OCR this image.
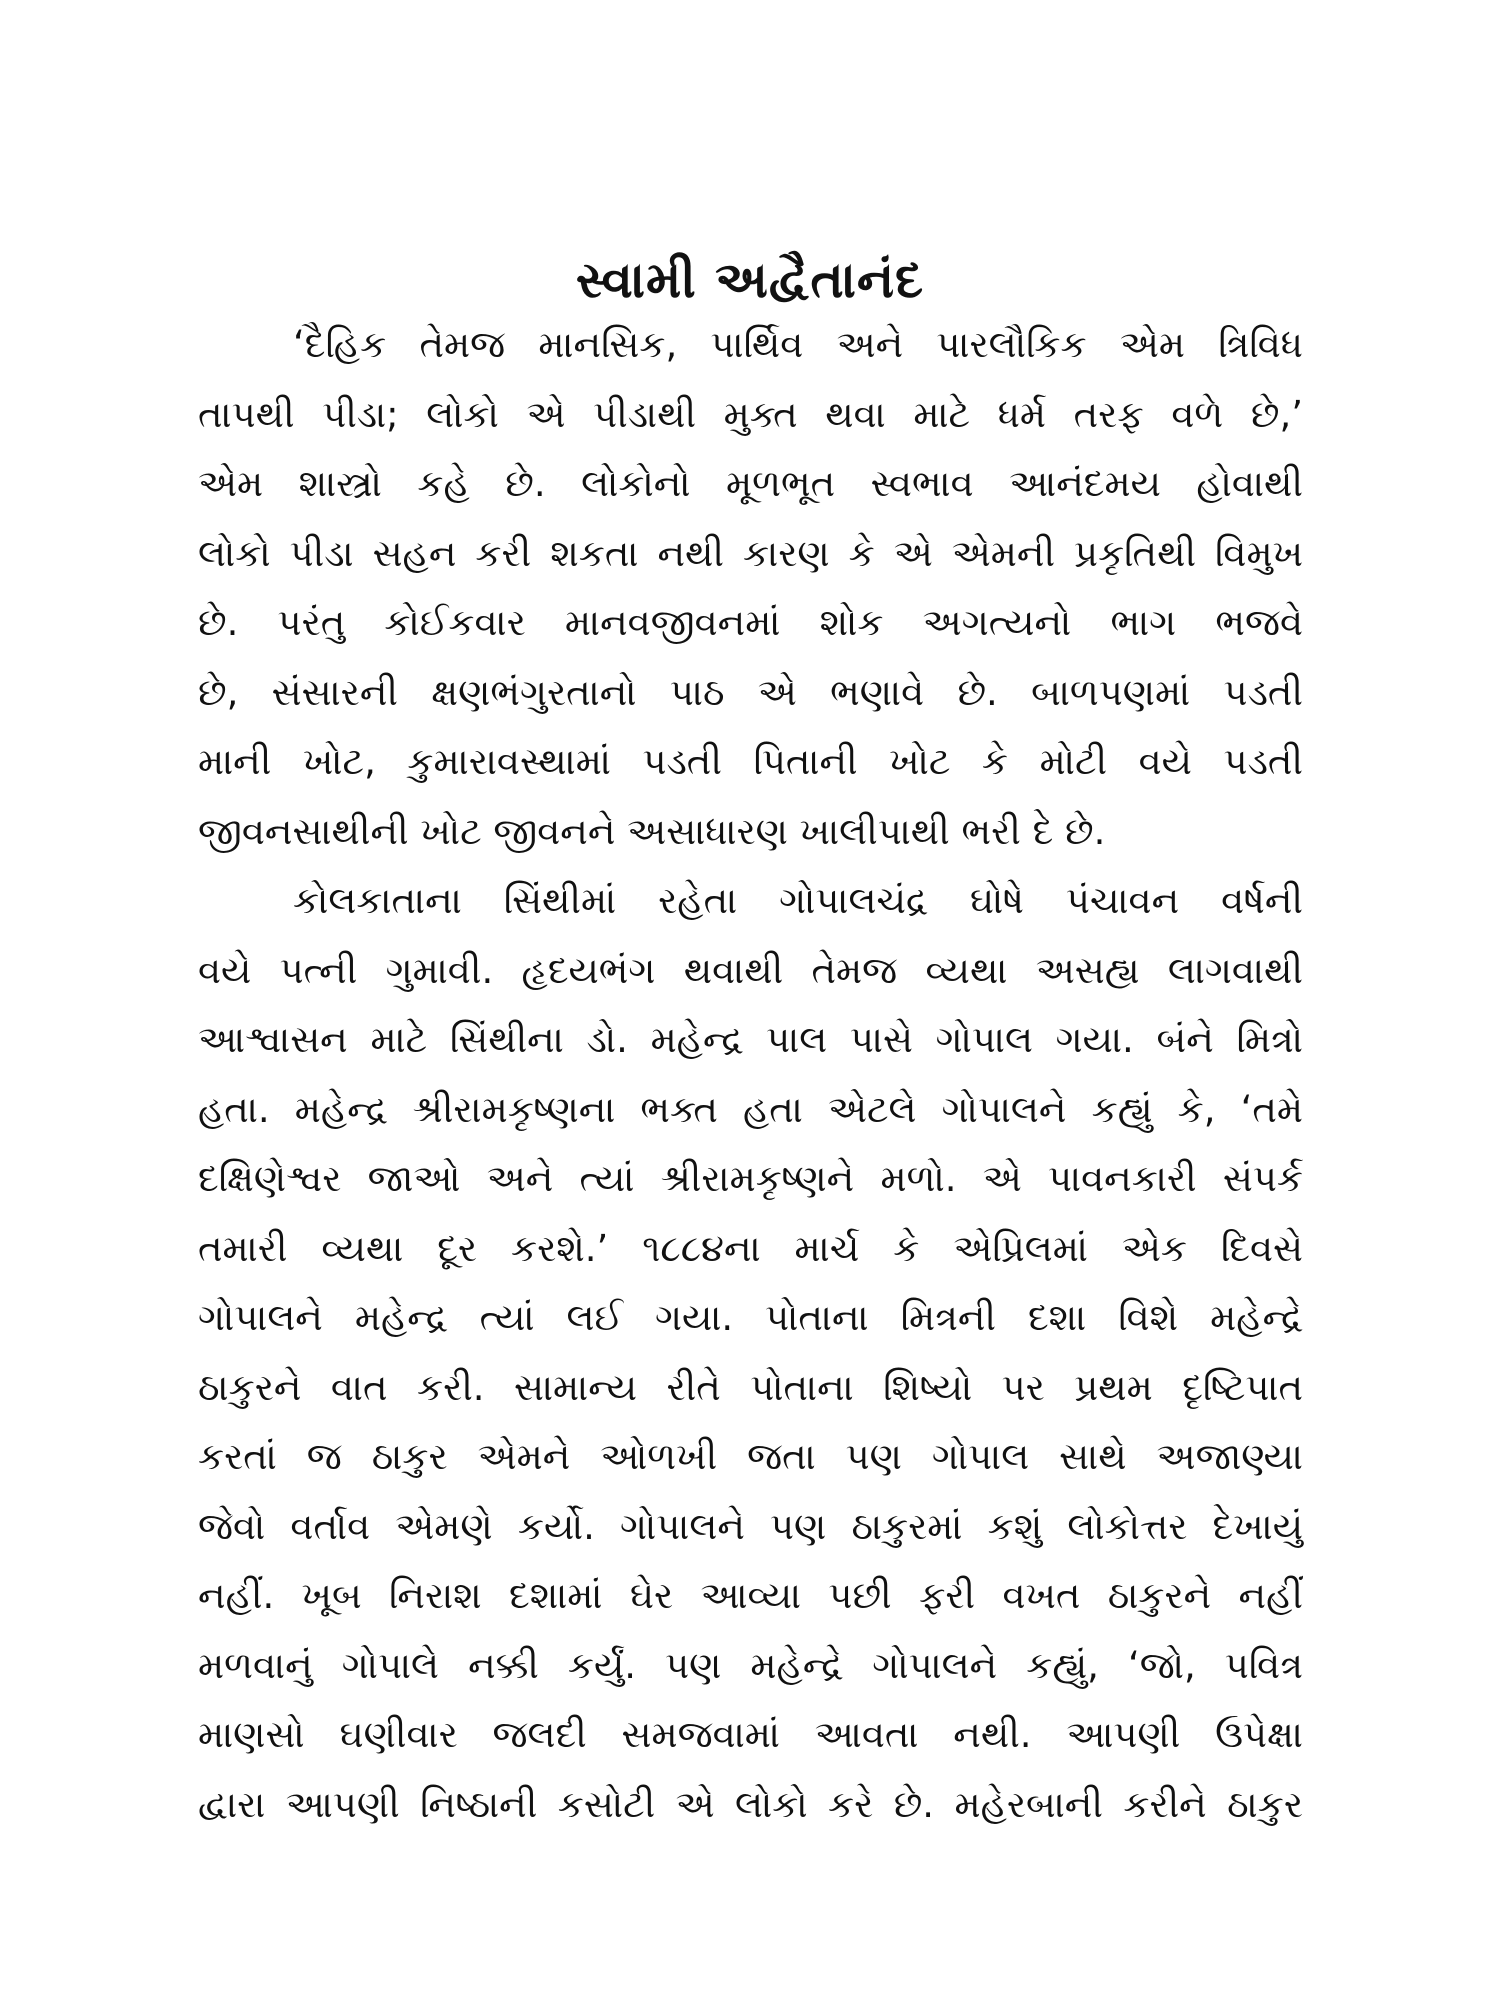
સ્વામી અદ્વૈતાનંદ
‘દૈહિક તેમજ માનસિક, પાર્થિવ અને પારલૌકિક એમ ત્રિવિધ
તાપથી પીડા; લોકો એ પીડાથી મુક્ત થવા માટે ધર્મ તરફ વળે છે,’
એમ શાસ્ત્રો કહે છે. લોકોનો મૂળભૂત સ્વભાવ આનંદમય હોવાથી
લોકો પીડા સહન કરી શકતા નથી કારણ કે એ એમની પ્રકૃતિથી વિમુખ
છે. પરંતુ કોઈકવાર માનવજીવનમાં શોક અગત્યનો ભાગ ભજવે
છે, સંસારની ક્ષણભંગુરતાનો પાઠ એ ભણાવે છે. બાળપણમાં પડતી
માની ખોટ, કુમારાવસ્થામાં પડતી પિતાની ખોટ કે મોટી વયે પડતી
જીવનસાથીની ખોટ જીવનને અસાધારણ ખાલીપાથી ભરી દે છે.
કોલકાતાના સિંથીમાં રહેતા ગોપાલચંદ્ર ઘોષે પંચાવન વર્ષની
વયે પત્ની ગુમાવી. હૃદયભંગ થવાથી તેમજ વ્યથા અસહ્ય લાગવાથી
આશ્વાસન માટે સિંથીના ડો. મહેન્દ્ર પાલ પાસે ગોપાલ ગયા. બંને મિત્રો
હતા. મહેન્દ્ર શ્રીરામકૃષ્ણના ભક્ત હતા એટલે ગોપાલને કહ્યું કે, ‘તમે
દક્ષિણેશ્વર જાઓ અને ત્યાં શ્રીરામકૃષ્ણને મળો. એ પાવનકારી સંપર્ક
તમારી વ્યથા દૂર કરશે.’ ૧૮૮૪ના માર્ચ કે એપ્રિલમાં એક દિવસે
ગોપાલને મહેન્દ્ર ત્યાં લઈ ગયા. પોતાના મિત્રની દશા વિશે મહેન્દ્રે
ઠાકુરને વાત કરી. સામાન્ય રીતે પોતાના શિષ્યો પર પ્રથમ દૃષ્ટિપાત
કરતાં જ ઠાકુર એમને ઓળખી જતા પણ ગોપાલ સાથે અજાણ્યા
જેવો વર્તાવ એમણે કર્યો. ગોપાલને પણ ઠાકુરમાં કશું લોકોત્તર દેખાયું
નહીં. ખૂબ નિરાશ દશામાં ઘેર આવ્યા પછી ફરી વખત ઠાકુરને નહીં
મળવાનું ગોપાલે નક્કી કર્યું. પણ મહેન્દ્રે ગોપાલને કહ્યું, ‘જો, પવિત્ર
માણસો ઘણીવાર જલદી સમજવામાં આવતા નથી. આપણી ઉપેક્ષા
દ્વારા આપણી નિષ્ઠાની કસોટી એ લોકો કરે છે. મહેરબાની કરીને ઠાકુર
